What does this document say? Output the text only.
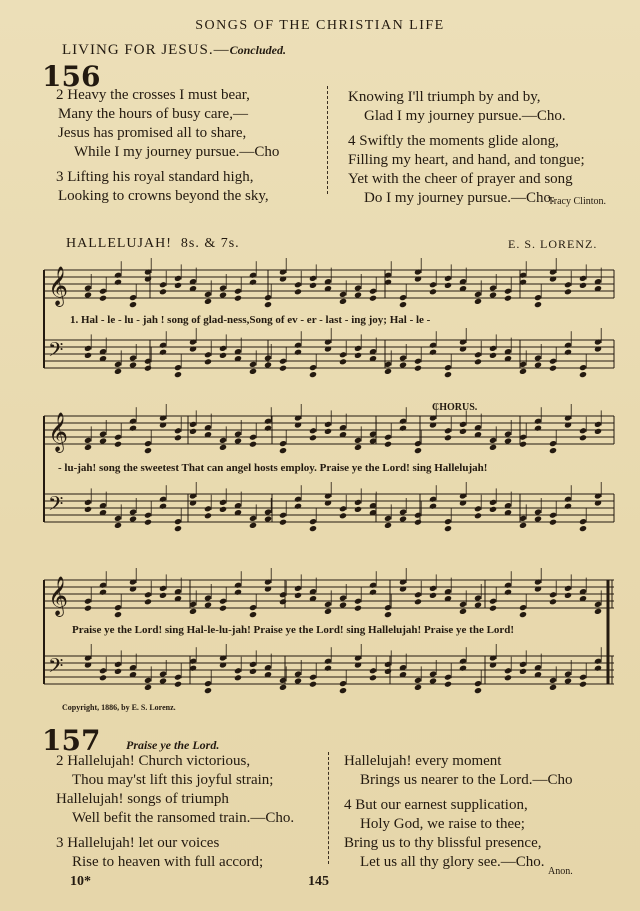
SONGS OF THE CHRISTIAN LIFE
LIVING FOR JESUS.—Concluded.
156
2 Heavy the crosses I must bear,
Many the hours of busy care,—
Jesus has promised all to share,
While I my journey pursue.—Cho
3 Lifting his royal standard high,
Looking to crowns beyond the sky,
Knowing I'll triumph by and by,
Glad I my journey pursue.—Cho.
4 Swiftly the moments glide along,
Filling my heart, and hand, and tongue;
Yet with the cheer of prayer and song
Do I my journey pursue.—Cho.
Tracy Clinton.
HALLELUJAH! 8s. & 7s.	E. S. LORENZ.
𝄞
𝄢
𝄞
𝄢
𝄞
𝄢
1. Hal - le - lu - jah ! song of glad-ness,Song of ev - er - last - ing joy; Hal - le -
CHORUS.
- lu-jah! song the sweetest That can angel hosts employ. Praise ye the Lord! sing Hallelujah!
Praise ye the Lord! sing Hal-le-lu-jah! Praise ye the Lord! sing Hallelujah! Praise ye the Lord!
Copyright, 1886, by E. S. Lorenz.
157 Praise ye the Lord.
2 Hallelujah! Church victorious,
Thou may'st lift this joyful strain;
Hallelujah! songs of triumph
Well befit the ransomed train.—Cho.
3 Hallelujah! let our voices
Rise to heaven with full accord;
Hallelujah! every moment
Brings us nearer to the Lord.—Cho
4 But our earnest supplication,
Holy God, we raise to thee;
Bring us to thy blissful presence,
Let us all thy glory see.—Cho.
Anon.
10*	145
